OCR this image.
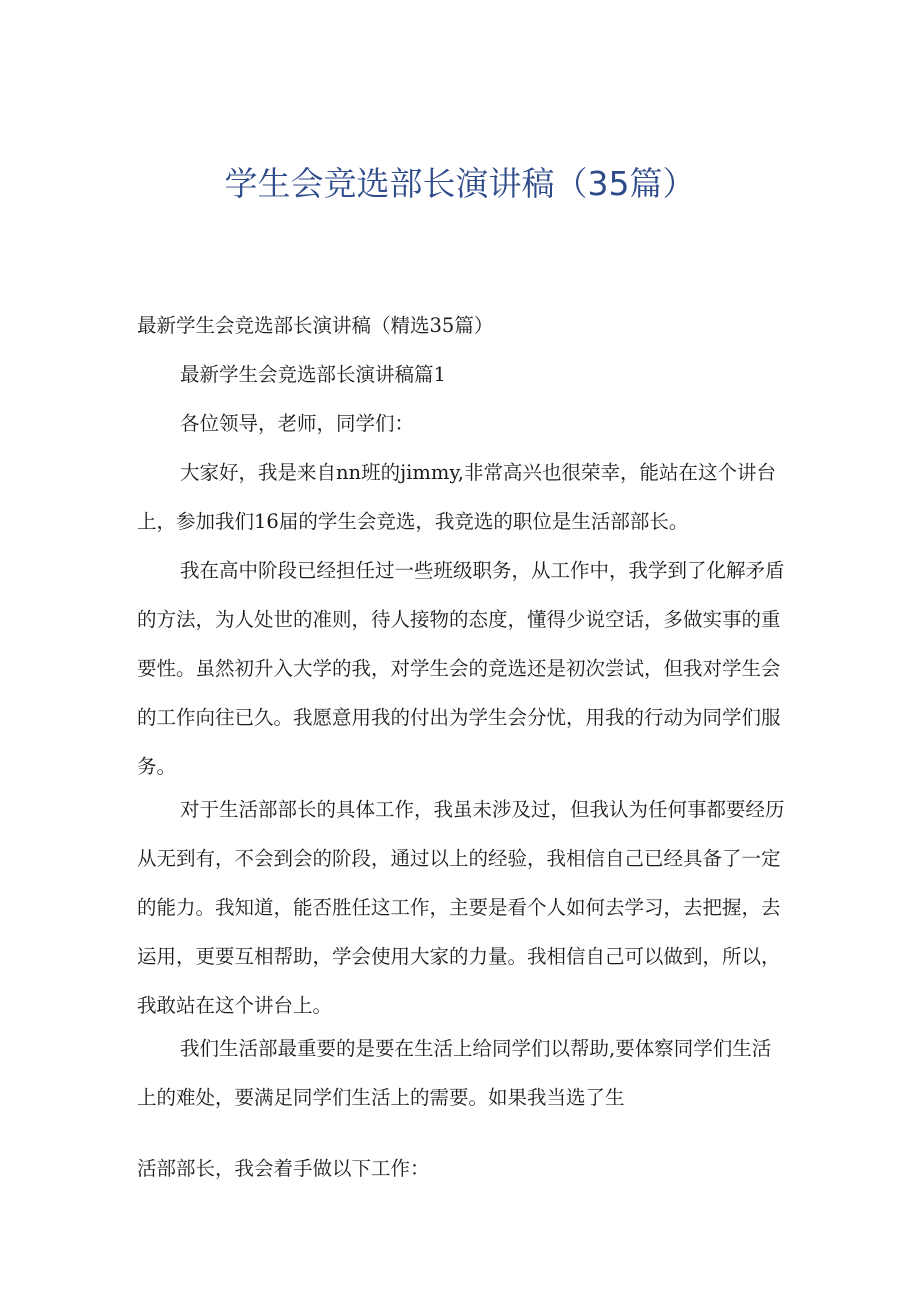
学生会竞选部长演讲稿（35篇）
最新学生会竞选部长演讲稿（精选35篇）
最新学生会竞选部长演讲稿篇1
各位领导，老师，同学们：
大家好，我是来自nn班的jimmy,非常高兴也很荣幸，能站在这个讲台
上，参加我们16届的学生会竞选，我竞选的职位是生活部部长。
我在高中阶段已经担任过一些班级职务，从工作中，我学到了化解矛盾
的方法，为人处世的准则，待人接物的态度，懂得少说空话，多做实事的重
要性。虽然初升入大学的我，对学生会的竞选还是初次尝试，但我对学生会
的工作向往已久。我愿意用我的付出为学生会分忧，用我的行动为同学们服
务。
对于生活部部长的具体工作，我虽未涉及过，但我认为任何事都要经历
从无到有，不会到会的阶段，通过以上的经验，我相信自己已经具备了一定
的能力。我知道，能否胜任这工作，主要是看个人如何去学习，去把握，去
运用，更要互相帮助，学会使用大家的力量。我相信自己可以做到，所以，
我敢站在这个讲台上。
我们生活部最重要的是要在生活上给同学们以帮助,要体察同学们生活
上的难处，要满足同学们生活上的需要。如果我当选了生
活部部长，我会着手做以下工作：
